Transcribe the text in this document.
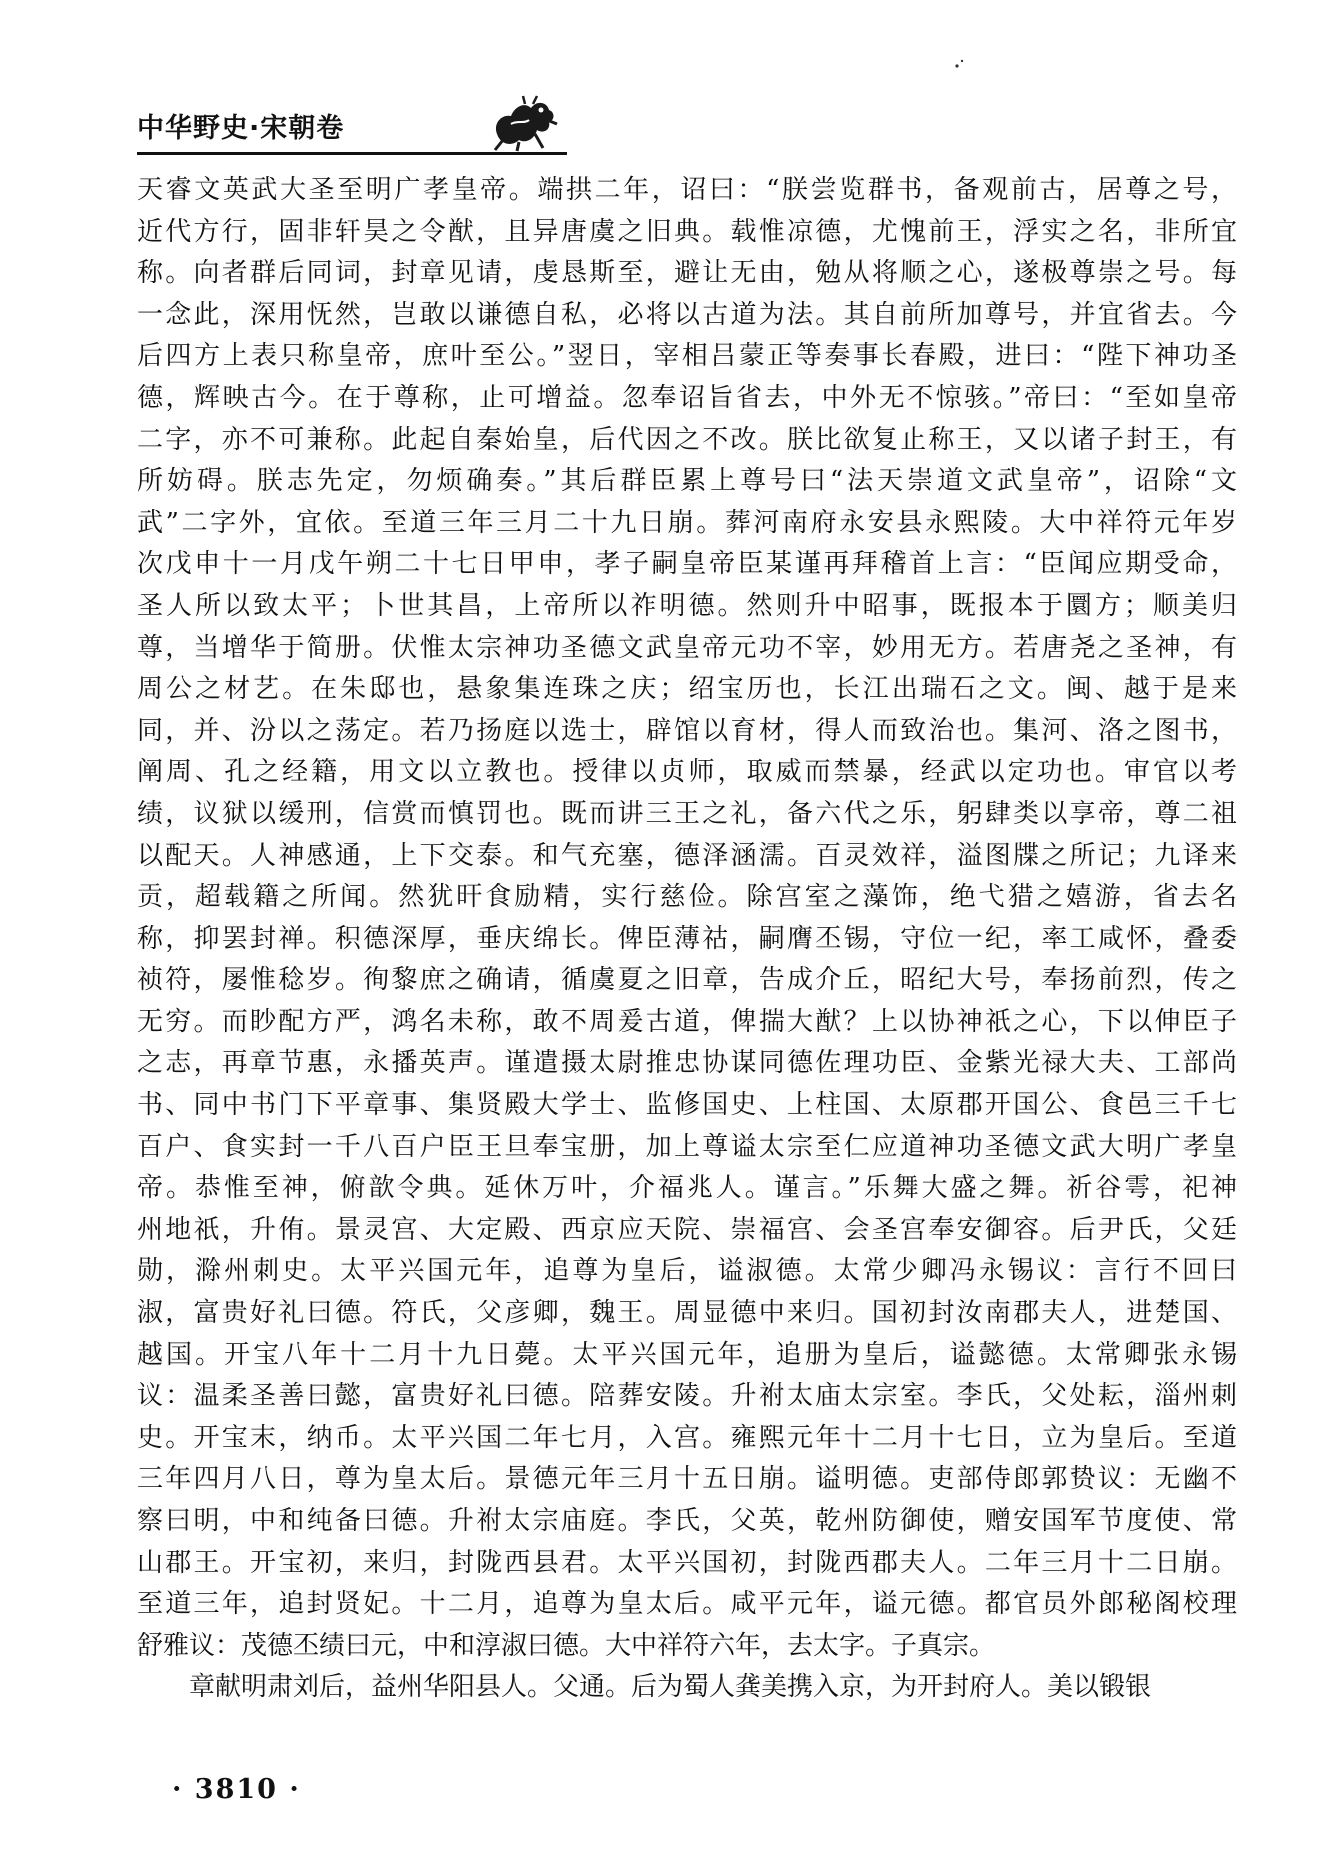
中华野史·宋朝卷
天睿文英武大圣至明广孝皇帝。端拱二年，诏曰：“朕尝览群书，备观前古，居尊之号，
近代方行，固非轩昊之令猷，且异唐虞之旧典。载惟凉德，尤愧前王，浮实之名，非所宜
称。向者群后同词，封章见请，虔恳斯至，避让无由，勉从将顺之心，遂极尊崇之号。每
一念此，深用怃然，岂敢以谦德自私，必将以古道为法。其自前所加尊号，并宜省去。今
后四方上表只称皇帝，庶叶至公。”翌日，宰相吕蒙正等奏事长春殿，进曰：“陛下神功圣
德，辉映古今。在于尊称，止可增益。忽奉诏旨省去，中外无不惊骇。”帝曰：“至如皇帝
二字，亦不可兼称。此起自秦始皇，后代因之不改。朕比欲复止称王，又以诸子封王，有
所妨碍。朕志先定，勿烦确奏。”其后群臣累上尊号曰“法天崇道文武皇帝”，诏除“文
武”二字外，宜依。至道三年三月二十九日崩。葬河南府永安县永熙陵。大中祥符元年岁
次戊申十一月戊午朔二十七日甲申，孝子嗣皇帝臣某谨再拜稽首上言：“臣闻应期受命，
圣人所以致太平；卜世其昌，上帝所以祚明德。然则升中昭事，既报本于圜方；顺美归
尊，当增华于简册。伏惟太宗神功圣德文武皇帝元功不宰，妙用无方。若唐尧之圣神，有
周公之材艺。在朱邸也，悬象集连珠之庆；绍宝历也，长江出瑞石之文。闽、越于是来
同，并、汾以之荡定。若乃扬庭以选士，辟馆以育材，得人而致治也。集河、洛之图书，
阐周、孔之经籍，用文以立教也。授律以贞师，取威而禁暴，经武以定功也。审官以考
绩，议狱以缓刑，信赏而慎罚也。既而讲三王之礼，备六代之乐，躬肆类以享帝，尊二祖
以配天。人神感通，上下交泰。和气充塞，德泽涵濡。百灵效祥，溢图牒之所记；九译来
贡，超载籍之所闻。然犹旰食励精，实行慈俭。除宫室之藻饰，绝弋猎之嬉游，省去名
称，抑罢封禅。积德深厚，垂庆绵长。俾臣薄祜，嗣膺丕锡，守位一纪，率工咸怀，叠委
祯符，屡惟稔岁。徇黎庶之确请，循虞夏之旧章，告成介丘，昭纪大号，奉扬前烈，传之
无穷。而眇配方严，鸿名未称，敢不周爰古道，俾揣大猷？上以协神祇之心，下以伸臣子
之志，再章节惠，永播英声。谨遣摄太尉推忠协谋同德佐理功臣、金紫光禄大夫、工部尚
书、同中书门下平章事、集贤殿大学士、监修国史、上柱国、太原郡开国公、食邑三千七
百户、食实封一千八百户臣王旦奉宝册，加上尊谥太宗至仁应道神功圣德文武大明广孝皇
帝。恭惟至神，俯歆令典。延休万叶，介福兆人。谨言。”乐舞大盛之舞。祈谷雩，祀神
州地祇，升侑。景灵宫、大定殿、西京应天院、崇福宫、会圣宫奉安御容。后尹氏，父廷
勋，滁州刺史。太平兴国元年，追尊为皇后，谥淑德。太常少卿冯永锡议：言行不回曰
淑，富贵好礼曰德。符氏，父彦卿，魏王。周显德中来归。国初封汝南郡夫人，进楚国、
越国。开宝八年十二月十九日薨。太平兴国元年，追册为皇后，谥懿德。太常卿张永锡
议：温柔圣善曰懿，富贵好礼曰德。陪葬安陵。升祔太庙太宗室。李氏，父处耘，淄州刺
史。开宝末，纳币。太平兴国二年七月，入宫。雍熙元年十二月十七日，立为皇后。至道
三年四月八日，尊为皇太后。景德元年三月十五日崩。谥明德。吏部侍郎郭贽议：无幽不
察曰明，中和纯备曰德。升祔太宗庙庭。李氏，父英，乾州防御使，赠安国军节度使、常
山郡王。开宝初，来归，封陇西县君。太平兴国初，封陇西郡夫人。二年三月十二日崩。
至道三年，追封贤妃。十二月，追尊为皇太后。咸平元年，谥元德。都官员外郎秘阁校理
舒雅议：茂德丕绩曰元，中和淳淑曰德。大中祥符六年，去太字。子真宗。
章献明肃刘后，益州华阳县人。父通。后为蜀人龚美携入京，为开封府人。美以锻银
· 3810 ·
